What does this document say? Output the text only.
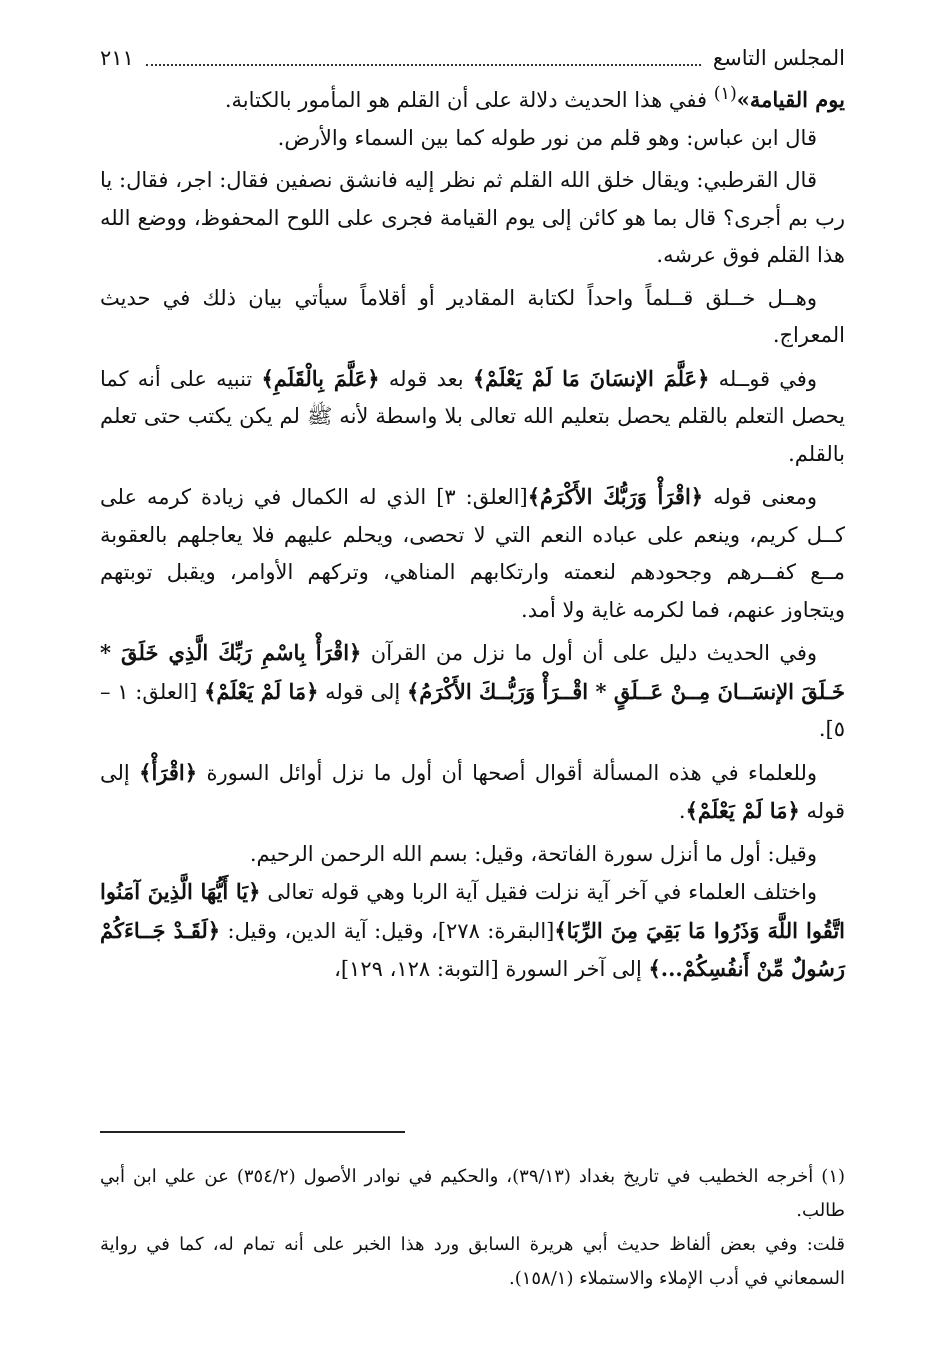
المجلس التاسع
٢١١

يوم القيامة»$^{(١)}$ ففي هذا الحديث دلالة على أن القلم هو المأمور بالكتابة.

قال ابن عباس: وهو قلم من نور طوله كما بين السماء والأرض.

قال القرطبي: ويقال خلق الله القلم ثم نظر إليه فانشق نصفين فقال: اجر، فقال: يا رب بم أجرى؟ قال بما هو كائن إلى يوم القيامة فجرى على اللوح المحفوظ، ووضع الله هذا القلم فوق عرشه.

وهــل خــلق قــلماً واحداً لكتابة المقادير أو أقلاماً سيأتي بيان ذلك في حديث المعراج.

وفي قوــله ﴿عَلَّمَ الإنسَانَ مَا لَمْ يَعْلَمْ﴾ بعد قوله ﴿عَلَّمَ بِالْقَلَمِ﴾ تنبيه على أنه كما يحصل التعلم بالقلم يحصل بتعليم الله تعالى بلا واسطة لأنه ﷺ لم يكن يكتب حتى تعلم بالقلم.

ومعنى قوله ﴿اقْرَأْ وَرَبُّكَ الأَكْرَمُ﴾[العلق: ٣] الذي له الكمال في زيادة كرمه على كــل كريم، وينعم على عباده النعم التي لا تحصى، ويحلم عليهم فلا يعاجلهم بالعقوبة مــع كفــرهم وجحودهم لنعمته وارتكابهم المناهي، وتركهم الأوامر، ويقبل توبتهم ويتجاوز عنهم، فما لكرمه غاية ولا أمد.

وفي الحديث دليل على أن أول ما نزل من القرآن ﴿اقْرَأْ بِاسْمِ رَبِّكَ الَّذِي خَلَقَ * خَـلَقَ الإنسَــانَ مِــنْ عَــلَقٍ * اقْــرَأْ وَرَبُّــكَ الأَكْرَمُ﴾ إلى قوله ﴿مَا لَمْ يَعْلَمْ﴾ [العلق: ١ – ٥].

وللعلماء في هذه المسألة أقوال أصحها أن أول ما نزل أوائل السورة ﴿اقْرَأْ﴾ إلى قوله ﴿مَا لَمْ يَعْلَمْ﴾.

وقيل: أول ما أنزل سورة الفاتحة، وقيل: بسم الله الرحمن الرحيم.

واختلف العلماء في آخر آية نزلت فقيل آية الربا وهي قوله تعالى ﴿يَا أَيُّهَا الَّذِينَ آمَنُوا اتَّقُوا اللَّهَ وَذَرُوا مَا بَقِيَ مِنَ الرِّبَا﴾[البقرة: ٢٧٨]، وقيل: آية الدين، وقيل: ﴿لَقَـدْ جَــاءَكُمْ رَسُولٌ مِّنْ أَنفُسِكُمْ...﴾ إلى آخر السورة [التوبة: ١٢٨، ١٢٩]،

(١) أخرجه الخطيب في تاريخ بغداد (٣٩/١٣)، والحكيم في نوادر الأصول (٣٥٤/٢) عن علي ابن أبي طالب.

قلت: وفي بعض ألفاظ حديث أبي هريرة السابق ورد هذا الخبر على أنه تمام له، كما في رواية السمعاني في أدب الإملاء والاستملاء (١٥٨/١).
